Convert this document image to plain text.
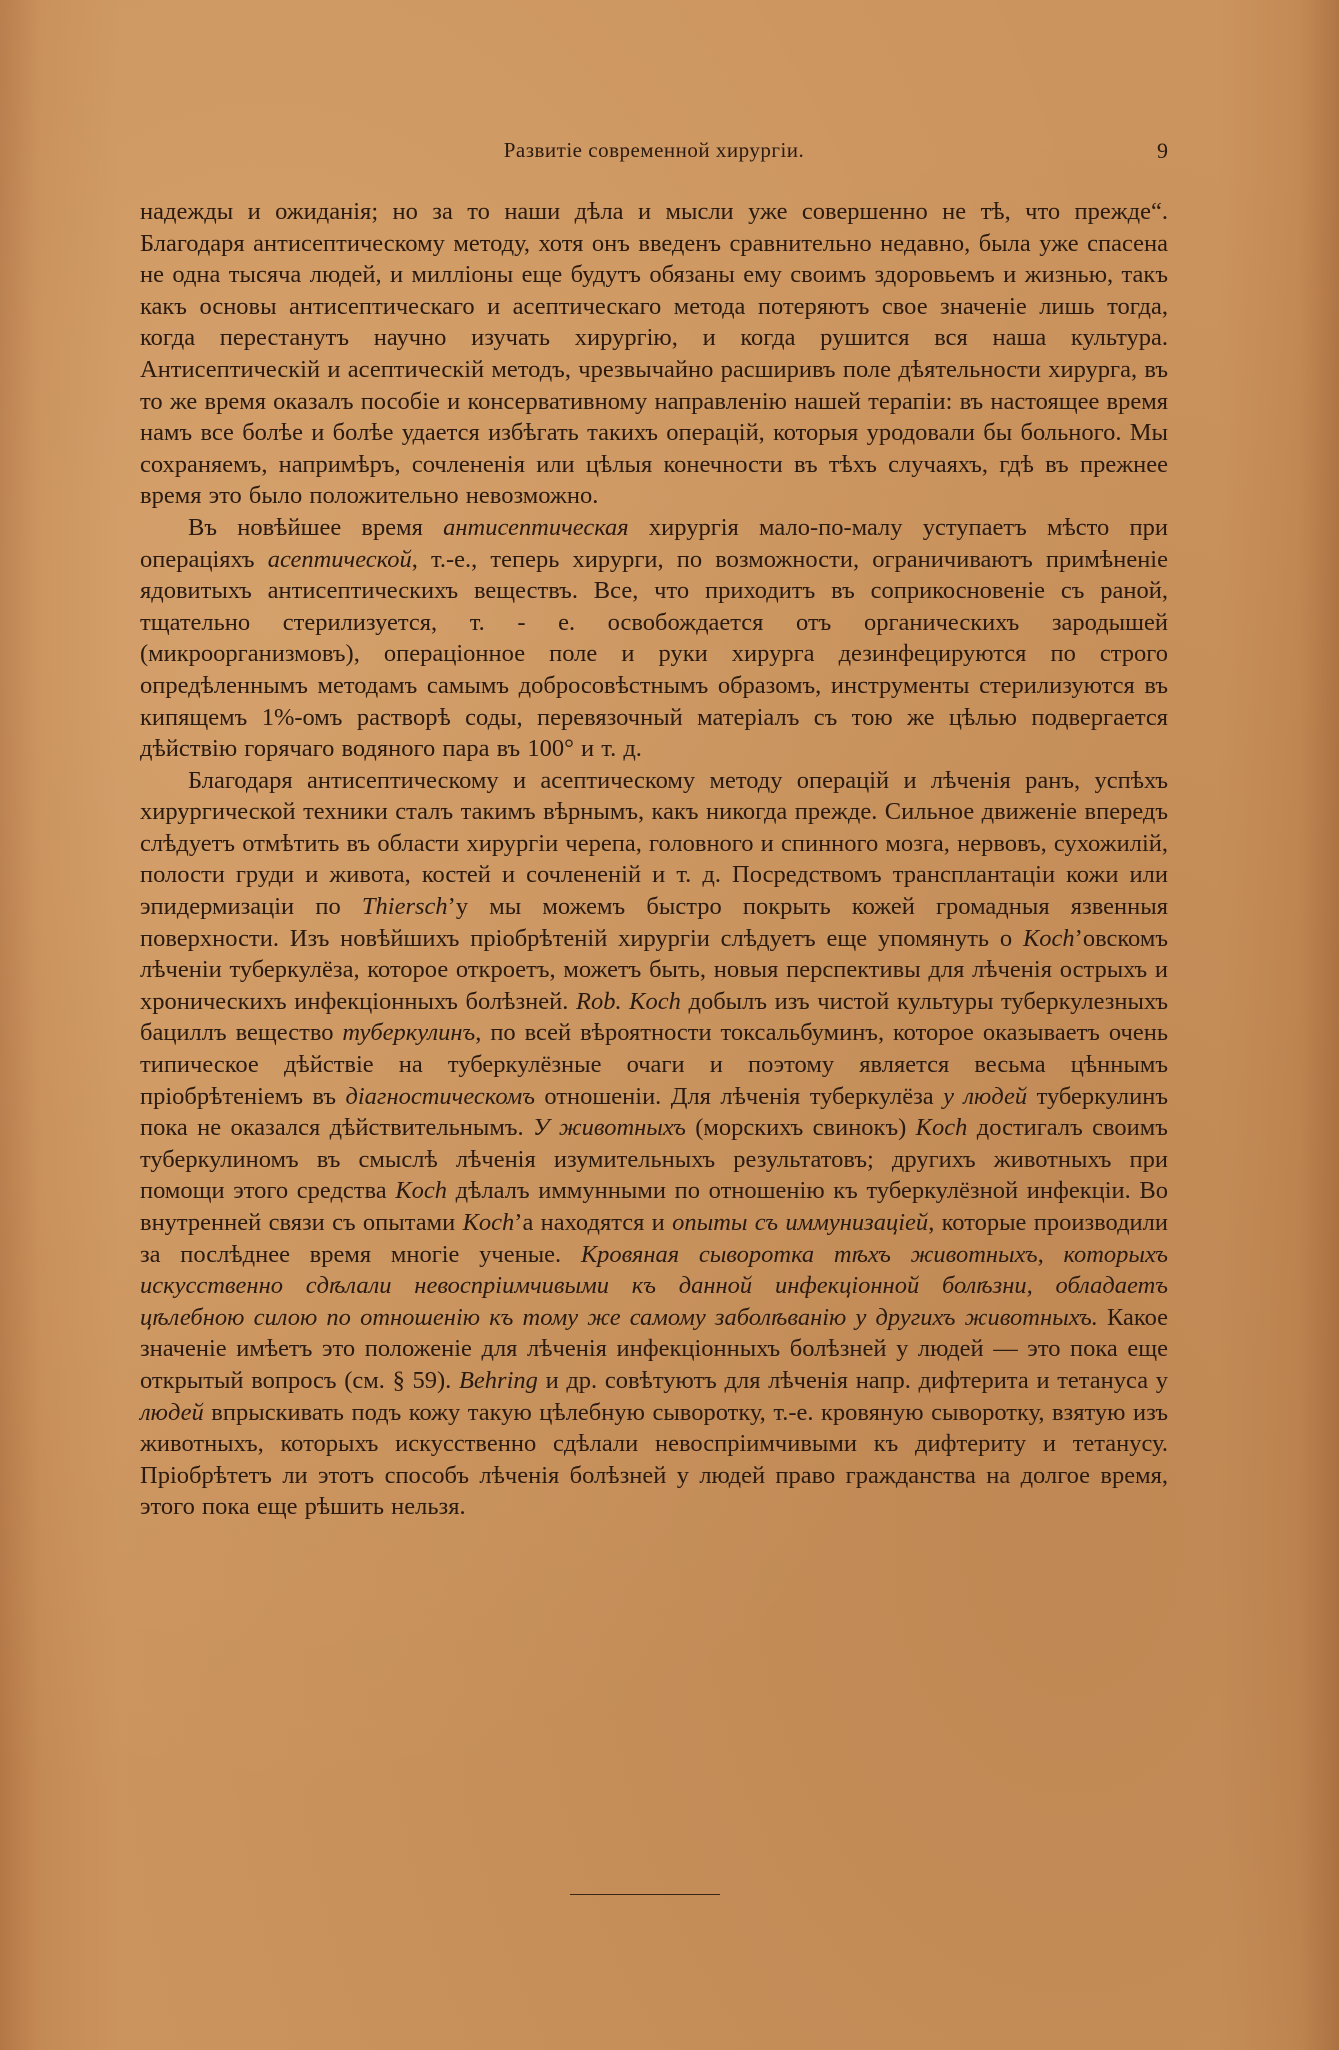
Развитіе современной хирургіи.	9

надежды и ожиданія; но за то наши дѣла и мысли уже совершенно не тѣ, что прежде“. Благодаря антисептическому методу, хотя онъ введенъ сравнительно недавно, была уже спасена не одна тысяча людей, и милліоны еще будутъ обязаны ему своимъ здоровьемъ и жизнью, такъ какъ основы антисептическаго и асептическаго метода потеряютъ свое значеніе лишь тогда, когда перестанутъ научно изучать хирургію, и когда рушится вся наша культура. Антисептическій и асептическій методъ, чрезвычайно расширивъ поле дѣятельности хирурга, въ то же время оказалъ пособіе и консервативному направленію нашей терапіи: въ настоящее время намъ все болѣе и болѣе удается избѣгать такихъ операцій, которыя уродовали бы больного. Мы сохраняемъ, напримѣръ, сочлененія или цѣлыя конечности въ тѣхъ случаяхъ, гдѣ въ прежнее время это было положительно невозможно.

Въ новѣйшее время антисептическая хирургія мало-по-малу уступаетъ мѣсто при операціяхъ асептической, т.-е., теперь хирурги, по возможности, ограничиваютъ примѣненіе ядовитыхъ антисептическихъ веществъ. Все, что приходитъ въ соприкосновеніе съ раной, тщательно стерилизуется, т. - е. освобождается отъ органическихъ зародышей (микроорганизмовъ), операціонное поле и руки хирурга дезинфецируются по строго опредѣленнымъ методамъ самымъ добросовѣстнымъ образомъ, инструменты стерилизуются въ кипящемъ 1%-омъ растворѣ соды, перевязочный матеріалъ съ тою же цѣлью подвергается дѣйствію горячаго водяного пара въ 100° и т. д.

Благодаря антисептическому и асептическому методу операцій и лѣченія ранъ, успѣхъ хирургической техники сталъ такимъ вѣрнымъ, какъ никогда прежде. Сильное движеніе впередъ слѣдуетъ отмѣтить въ области хирургіи черепа, головного и спинного мозга, нервовъ, сухожилій, полости груди и живота, костей и сочлененій и т. д. Посредствомъ трансплантаціи кожи или эпидермизаціи по Thiersch’у мы можемъ быстро покрыть кожей громадныя язвенныя поверхности. Изъ новѣйшихъ пріобрѣтеній хирургіи слѣдуетъ еще упомянуть о Koch’овскомъ лѣченіи туберкулёза, которое откроетъ, можетъ быть, новыя перспективы для лѣченія острыхъ и хроническихъ инфекціонныхъ болѣзней. Rob. Koch добылъ изъ чистой культуры туберкулезныхъ бациллъ вещество туберкулинъ, по всей вѣроятности токсальбуминъ, которое оказываетъ очень типическое дѣйствіе на туберкулёзные очаги и поэтому является весьма цѣннымъ пріобрѣтеніемъ въ діагностическомъ отношеніи. Для лѣченія туберкулёза у людей туберкулинъ пока не оказался дѣйствительнымъ. У животныхъ (морскихъ свинокъ) Koch достигалъ своимъ туберкулиномъ въ смыслѣ лѣченія изумительныхъ результатовъ; другихъ животныхъ при помощи этого средства Koch дѣлалъ иммунными по отношенію къ туберкулёзной инфекціи. Во внутренней связи съ опытами Koch’а находятся и опыты съ иммунизаціей, которые производили за послѣднее время многіе ученые. Кровяная сыворотка тѣхъ животныхъ, которыхъ искусственно сдѣлали невоспріимчивыми къ данной инфекціонной болѣзни, обладаетъ цѣлебною силою по отношенію къ тому же самому заболѣванію у другихъ животныхъ. Какое значеніе имѣетъ это положеніе для лѣченія инфекціонныхъ болѣзней у людей — это пока еще открытый вопросъ (см. § 59). Behring и др. совѣтуютъ для лѣченія напр. дифтерита и тетануса у людей впрыскивать подъ кожу такую цѣлебную сыворотку, т.-е. кровяную сыворотку, взятую изъ животныхъ, которыхъ искусственно сдѣлали невоспріимчивыми къ дифтериту и тетанусу. Пріобрѣтетъ ли этотъ способъ лѣченія болѣзней у людей право гражданства на долгое время, этого пока еще рѣшить нельзя.
